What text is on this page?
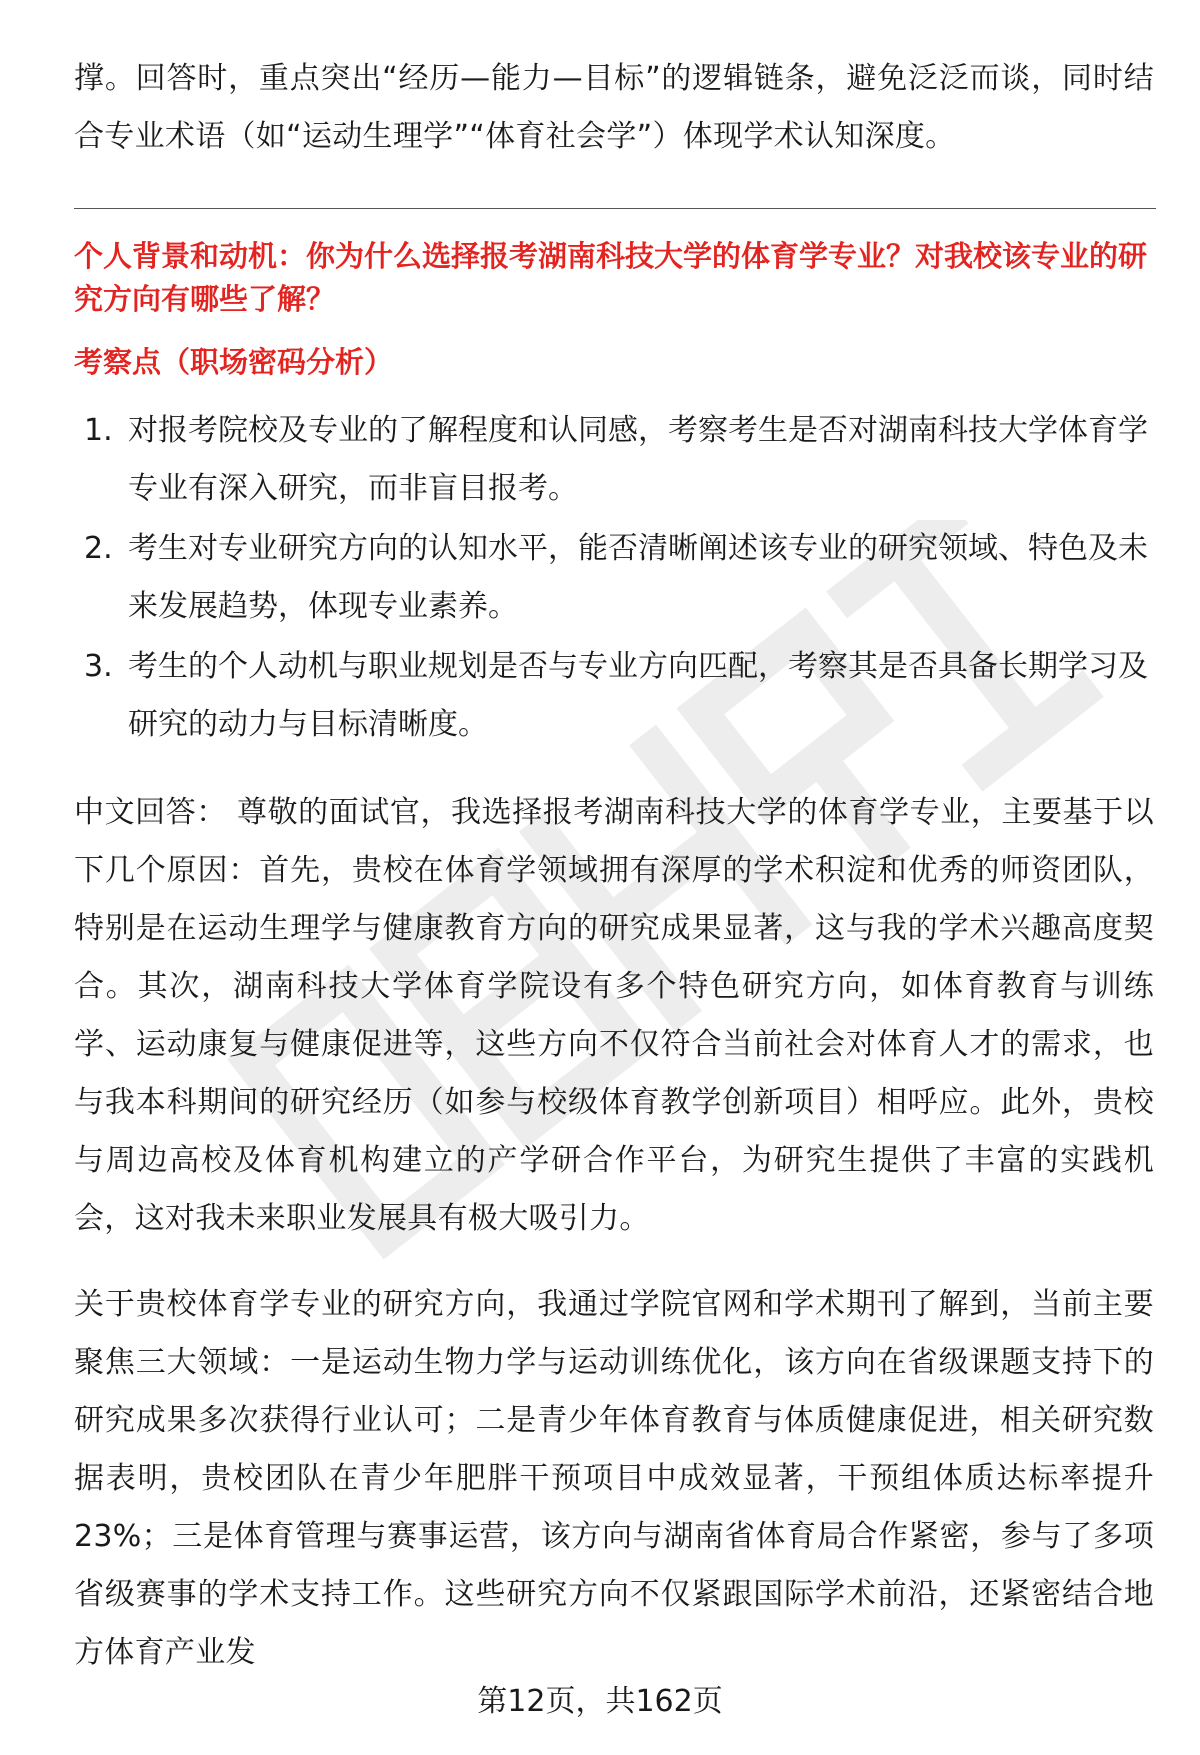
撑。回答时，重点突出“经历—能力—目标”的逻辑链条，避免泛泛而谈，同时结合专业术语（如“运动生理学”“体育社会学”）体现学术认知深度。

个人背景和动机：你为什么选择报考湖南科技大学的体育学专业？对我校该专业的研究方向有哪些了解？

考察点（职场密码分析）

1. 对报考院校及专业的了解程度和认同感，考察考生是否对湖南科技大学体育学专业有深入研究，而非盲目报考。
2. 考生对专业研究方向的认知水平，能否清晰阐述该专业的研究领域、特色及未来发展趋势，体现专业素养。
3. 考生的个人动机与职业规划是否与专业方向匹配，考察其是否具备长期学习及研究的动力与目标清晰度。

中文回答： 尊敬的面试官，我选择报考湖南科技大学的体育学专业，主要基于以下几个原因：首先，贵校在体育学领域拥有深厚的学术积淀和优秀的师资团队，特别是在运动生理学与健康教育方向的研究成果显著，这与我的学术兴趣高度契合。其次，湖南科技大学体育学院设有多个特色研究方向，如体育教育与训练学、运动康复与健康促进等，这些方向不仅符合当前社会对体育人才的需求，也与我本科期间的研究经历（如参与校级体育教学创新项目）相呼应。此外，贵校与周边高校及体育机构建立的产学研合作平台，为研究生提供了丰富的实践机会，这对我未来职业发展具有极大吸引力。

关于贵校体育学专业的研究方向，我通过学院官网和学术期刊了解到，当前主要聚焦三大领域：一是运动生物力学与运动训练优化，该方向在省级课题支持下的研究成果多次获得行业认可；二是青少年体育教育与体质健康促进，相关研究数据表明，贵校团队在青少年肥胖干预项目中成效显著，干预组体质达标率提升23%；三是体育管理与赛事运营，该方向与湖南省体育局合作紧密，参与了多项省级赛事的学术支持工作。这些研究方向不仅紧跟国际学术前沿，还紧密结合地方体育产业发

第12页，共162页
